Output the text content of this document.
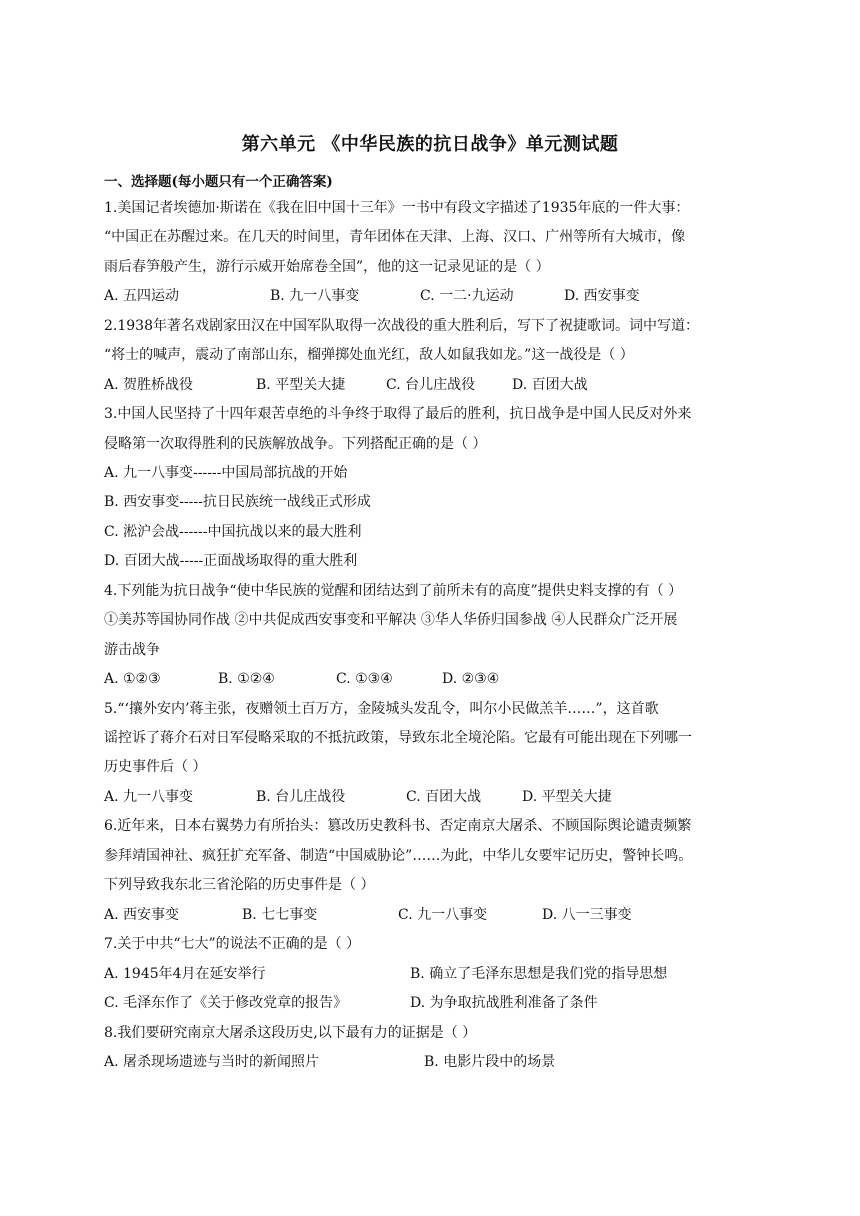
第六单元 《中华民族的抗日战争》单元测试题
一、选择题(每小题只有一个正确答案)
1.美国记者埃德加·斯诺在《我在旧中国十三年》一书中有段文字描述了1935年底的一件大事：
“中国正在苏醒过来。在几天的时间里，青年团体在天津、上海、汉口、广州等所有大城市，像
雨后春笋般产生，游行示威开始席卷全国”，他的这一记录见证的是（ ）
A. 五四运动	B. 九一八事变	C. 一二·九运动	D. 西安事变
2.1938年著名戏剧家田汉在中国军队取得一次战役的重大胜利后，写下了祝捷歌词。词中写道：
“将士的喊声，震动了南部山东，榴弹掷处血光红，敌人如鼠我如龙。”这一战役是（ ）
A. 贺胜桥战役	B. 平型关大捷	C. 台儿庄战役	D. 百团大战
3.中国人民坚持了十四年艰苦卓绝的斗争终于取得了最后的胜利，抗日战争是中国人民反对外来
侵略第一次取得胜利的民族解放战争。下列搭配正确的是（ ）
A. 九一八事变------中国局部抗战的开始
B. 西安事变-----抗日民族统一战线正式形成
C. 淞沪会战------中国抗战以来的最大胜利
D. 百团大战-----正面战场取得的重大胜利
4.下列能为抗日战争“使中华民族的觉醒和团结达到了前所未有的高度”提供史料支撑的有（ ）
①美苏等国协同作战 ②中共促成西安事变和平解决 ③华人华侨归国参战 ④人民群众广泛开展
游击战争
A. ①②③	B. ①②④	C. ①③④	D. ②③④
5.“‘攘外安内’蒋主张，夜赠领土百万方，金陵城头发乱令，叫尔小民做羔羊……”，这首歌
谣控诉了蒋介石对日军侵略采取的不抵抗政策，导致东北全境沦陷。它最有可能出现在下列哪一
历史事件后（ ）
A. 九一八事变	B. 台儿庄战役	C. 百团大战	D. 平型关大捷
6.近年来，日本右翼势力有所抬头：篡改历史教科书、否定南京大屠杀、不顾国际舆论谴责频繁
参拜靖国神社、疯狂扩充军备、制造“中国威胁论”……为此，中华儿女要牢记历史，警钟长鸣。
下列导致我东北三省沦陷的历史事件是（ ）
A. 西安事变	B. 七七事变	C. 九一八事变	D. 八一三事变
7.关于中共“七大”的说法不正确的是（ ）
A. 1945年4月在延安举行	B. 确立了毛泽东思想是我们党的指导思想
C. 毛泽东作了《关于修改党章的报告》	D. 为争取抗战胜利准备了条件
8.我们要研究南京大屠杀这段历史,以下最有力的证据是（ ）
A. 屠杀现场遗迹与当时的新闻照片	B. 电影片段中的场景
